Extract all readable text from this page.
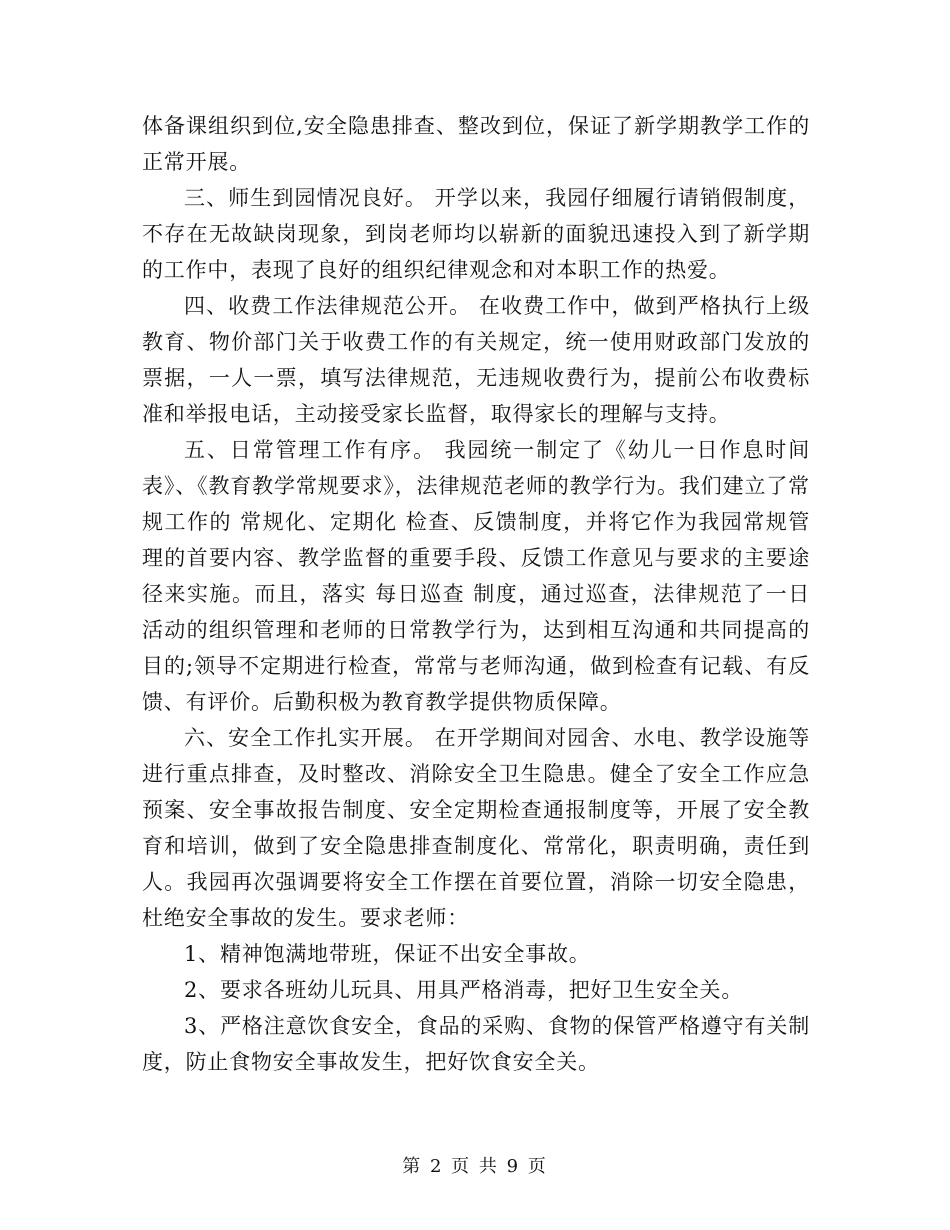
体备课组织到位,安全隐患排查、整改到位，保证了新学期教学工作的正常开展。

三、师生到园情况良好。 开学以来，我园仔细履行请销假制度，不存在无故缺岗现象，到岗老师均以崭新的面貌迅速投入到了新学期的工作中，表现了良好的组织纪律观念和对本职工作的热爱。

四、收费工作法律规范公开。 在收费工作中，做到严格执行上级教育、物价部门关于收费工作的有关规定，统一使用财政部门发放的票据，一人一票，填写法律规范，无违规收费行为，提前公布收费标准和举报电话，主动接受家长监督，取得家长的理解与支持。

五、日常管理工作有序。 我园统一制定了《幼儿一日作息时间表》、《教育教学常规要求》，法律规范老师的教学行为。我们建立了常规工作的 常规化、定期化 检查、反馈制度，并将它作为我园常规管理的首要内容、教学监督的重要手段、反馈工作意见与要求的主要途径来实施。而且，落实 每日巡查 制度，通过巡查，法律规范了一日活动的组织管理和老师的日常教学行为，达到相互沟通和共同提高的目的;领导不定期进行检查，常常与老师沟通，做到检查有记载、有反馈、有评价。后勤积极为教育教学提供物质保障。

六、安全工作扎实开展。 在开学期间对园舍、水电、教学设施等进行重点排查，及时整改、消除安全卫生隐患。健全了安全工作应急预案、安全事故报告制度、安全定期检查通报制度等，开展了安全教育和培训，做到了安全隐患排查制度化、常常化，职责明确，责任到人。我园再次强调要将安全工作摆在首要位置，消除一切安全隐患，杜绝安全事故的发生。要求老师：

1、精神饱满地带班，保证不出安全事故。

2、要求各班幼儿玩具、用具严格消毒，把好卫生安全关。

3、严格注意饮食安全，食品的采购、食物的保管严格遵守有关制度，防止食物安全事故发生，把好饮食安全关。

第 2 页 共 9 页
